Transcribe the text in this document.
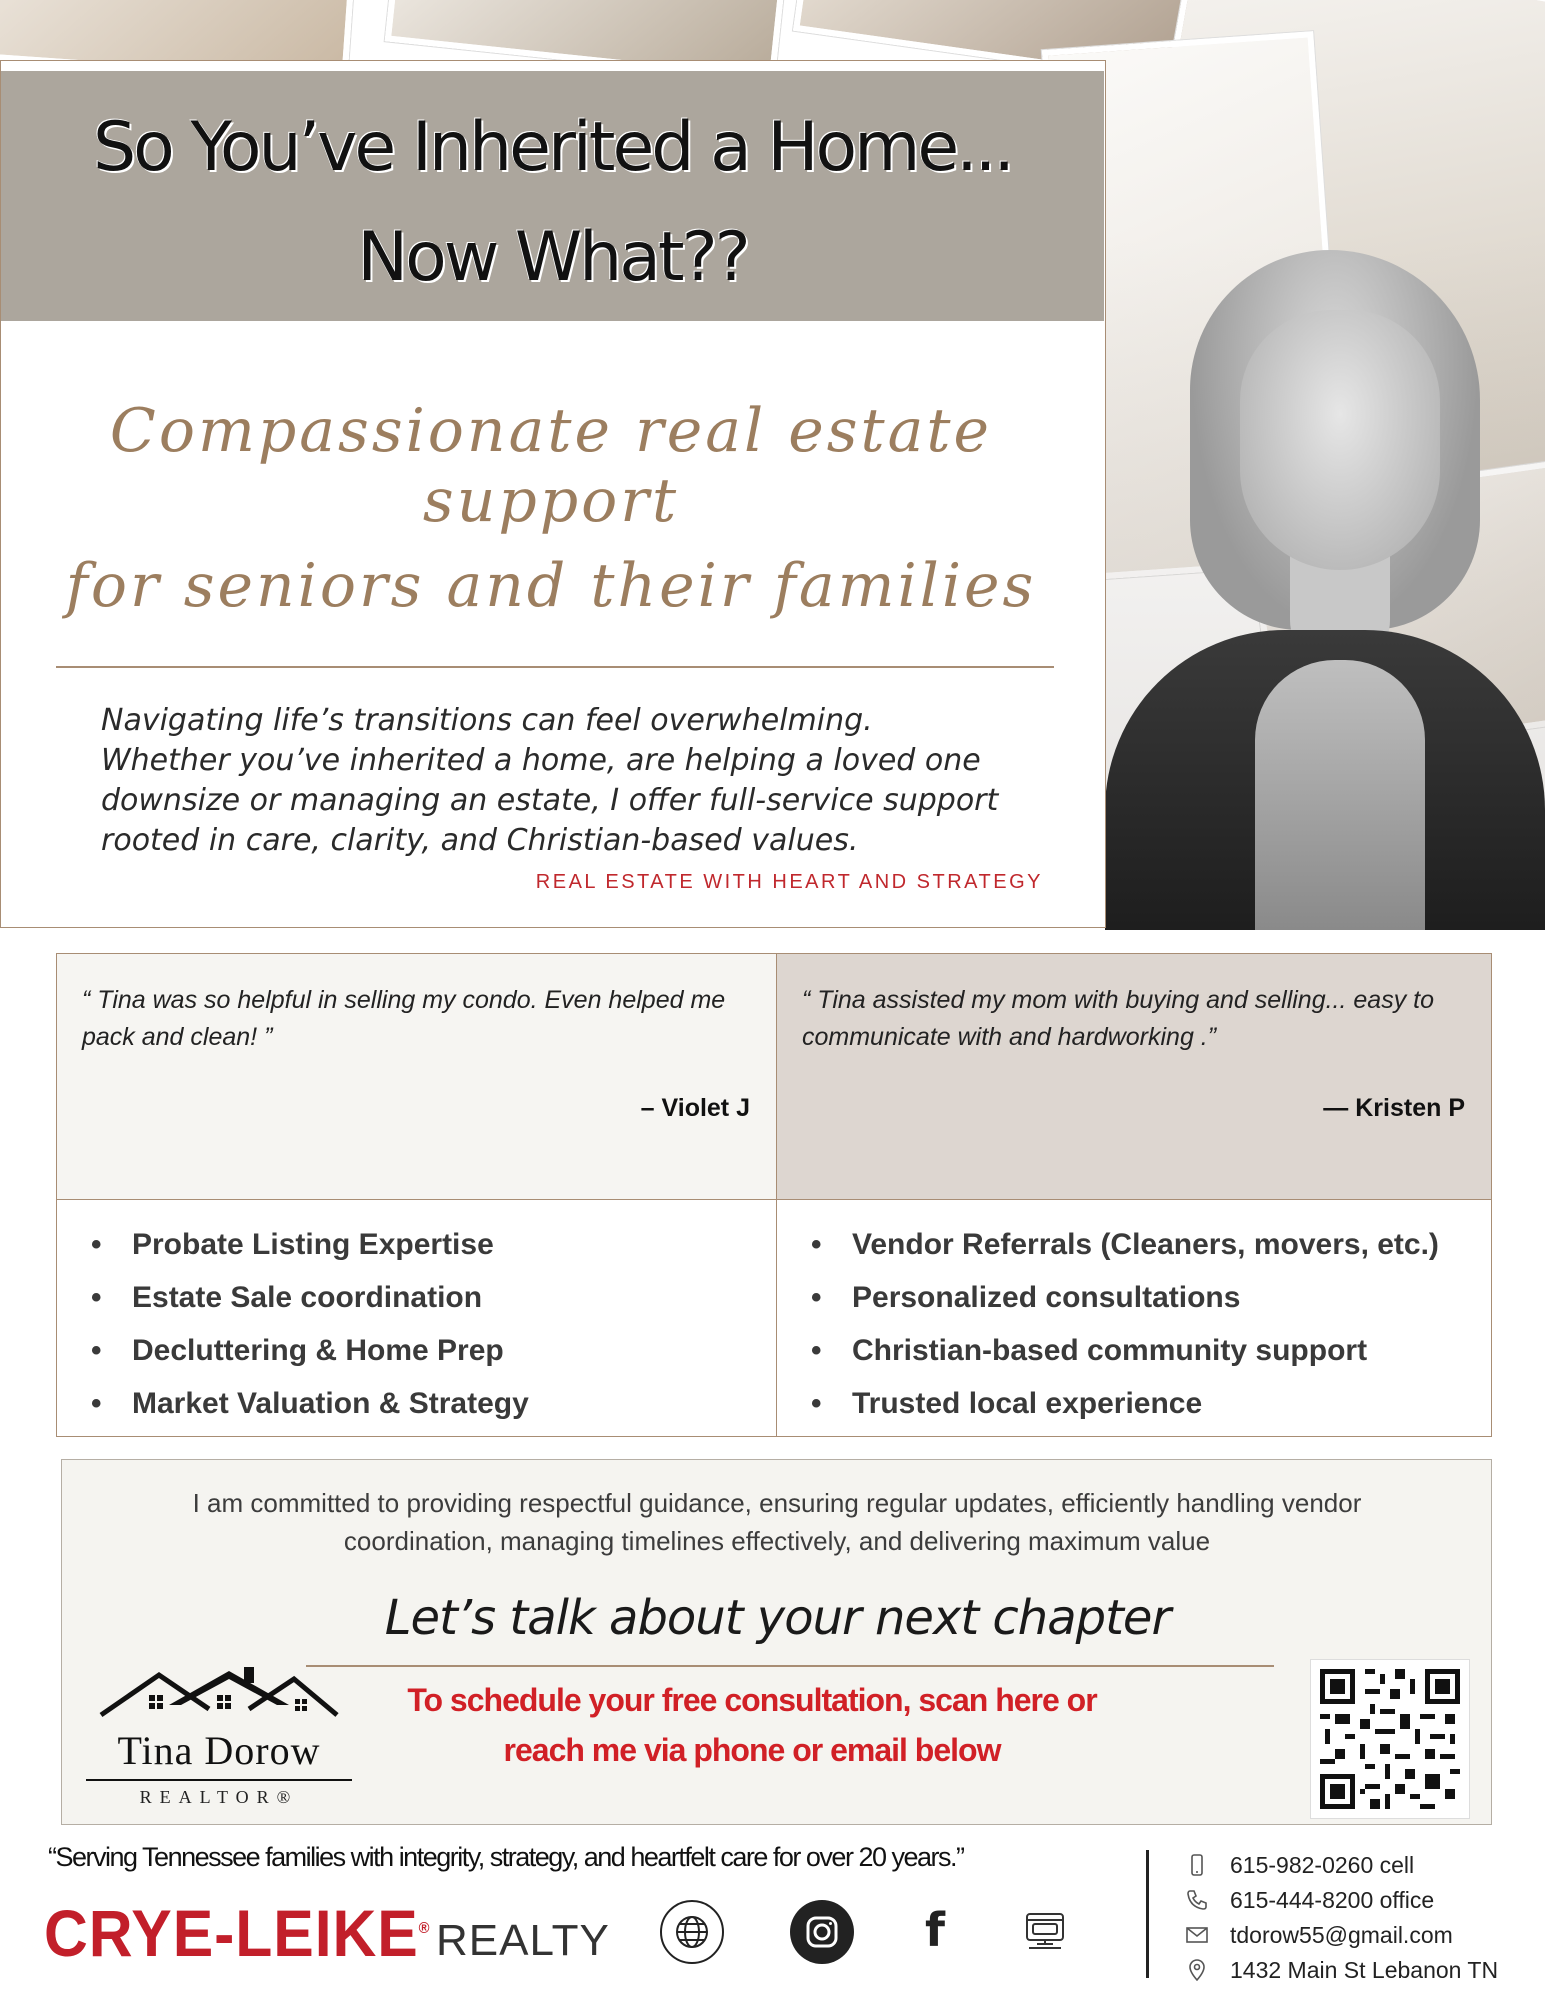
So You’ve Inherited a Home...
Now What??
Compassionate real estate support
for seniors and their families

Navigating life’s transitions can feel overwhelming. Whether you’ve inherited a home, are helping a loved one downsize or managing an estate, I offer full-service support rooted in care, clarity, and Christian-based values.

REAL ESTATE WITH HEART AND STRATEGY

“ Tina was so helpful in selling my condo. Even helped me pack and clean! ”

– Violet J

“ Tina assisted my mom with buying and selling... easy to communicate with and hardworking .”

— Kristen P
• Probate Listing Expertise
• Estate Sale coordination
• Decluttering & Home Prep
• Market Valuation & Strategy
• Vendor Referrals (Cleaners, movers, etc.)
• Personalized consultations
• Christian-based community support
• Trusted local experience

I am committed to providing respectful guidance, ensuring regular updates, efficiently handling vendor coordination, managing timelines effectively, and delivering maximum value

Let’s talk about your next chapter

To schedule your free consultation, scan here or
reach me via phone or email below

Tina Dorow
REALTOR®

“Serving Tennessee families with integrity, strategy, and heartfelt care for over 20 years.”

CRYE-LEIKE® REALTY	f
615-982-0260 cell
615-444-8200 office
tdorow55@gmail.com
1432 Main St Lebanon TN
